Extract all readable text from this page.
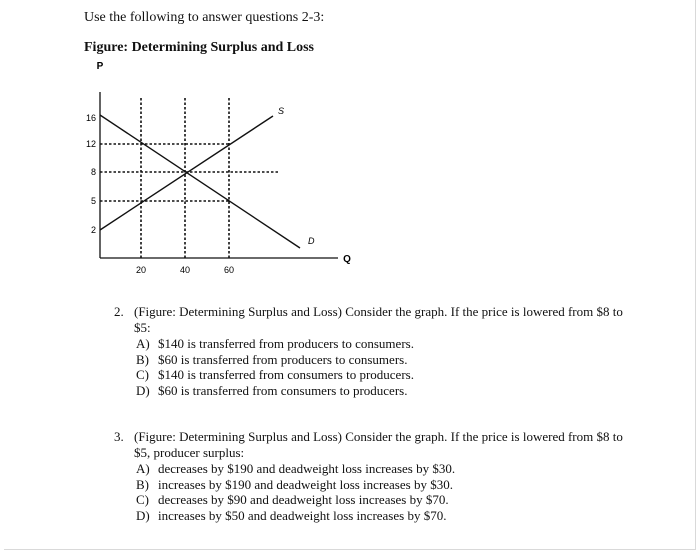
Use the following to answer questions 2-3:
Figure: Determining Surplus and Loss
P
Q
16
12
8
5
2
20	40	60
S
D
2. (Figure: Determining Surplus and Loss) Consider the graph. If the price is lowered from $8 to $5:
A) $140 is transferred from producers to consumers.
B) $60 is transferred from producers to consumers.
C) $140 is transferred from consumers to producers.
D) $60 is transferred from consumers to producers.
3. (Figure: Determining Surplus and Loss) Consider the graph. If the price is lowered from $8 to $5, producer surplus:
A) decreases by $190 and deadweight loss increases by $30.
B) increases by $190 and deadweight loss increases by $30.
C) decreases by $90 and deadweight loss increases by $70.
D) increases by $50 and deadweight loss increases by $70.
